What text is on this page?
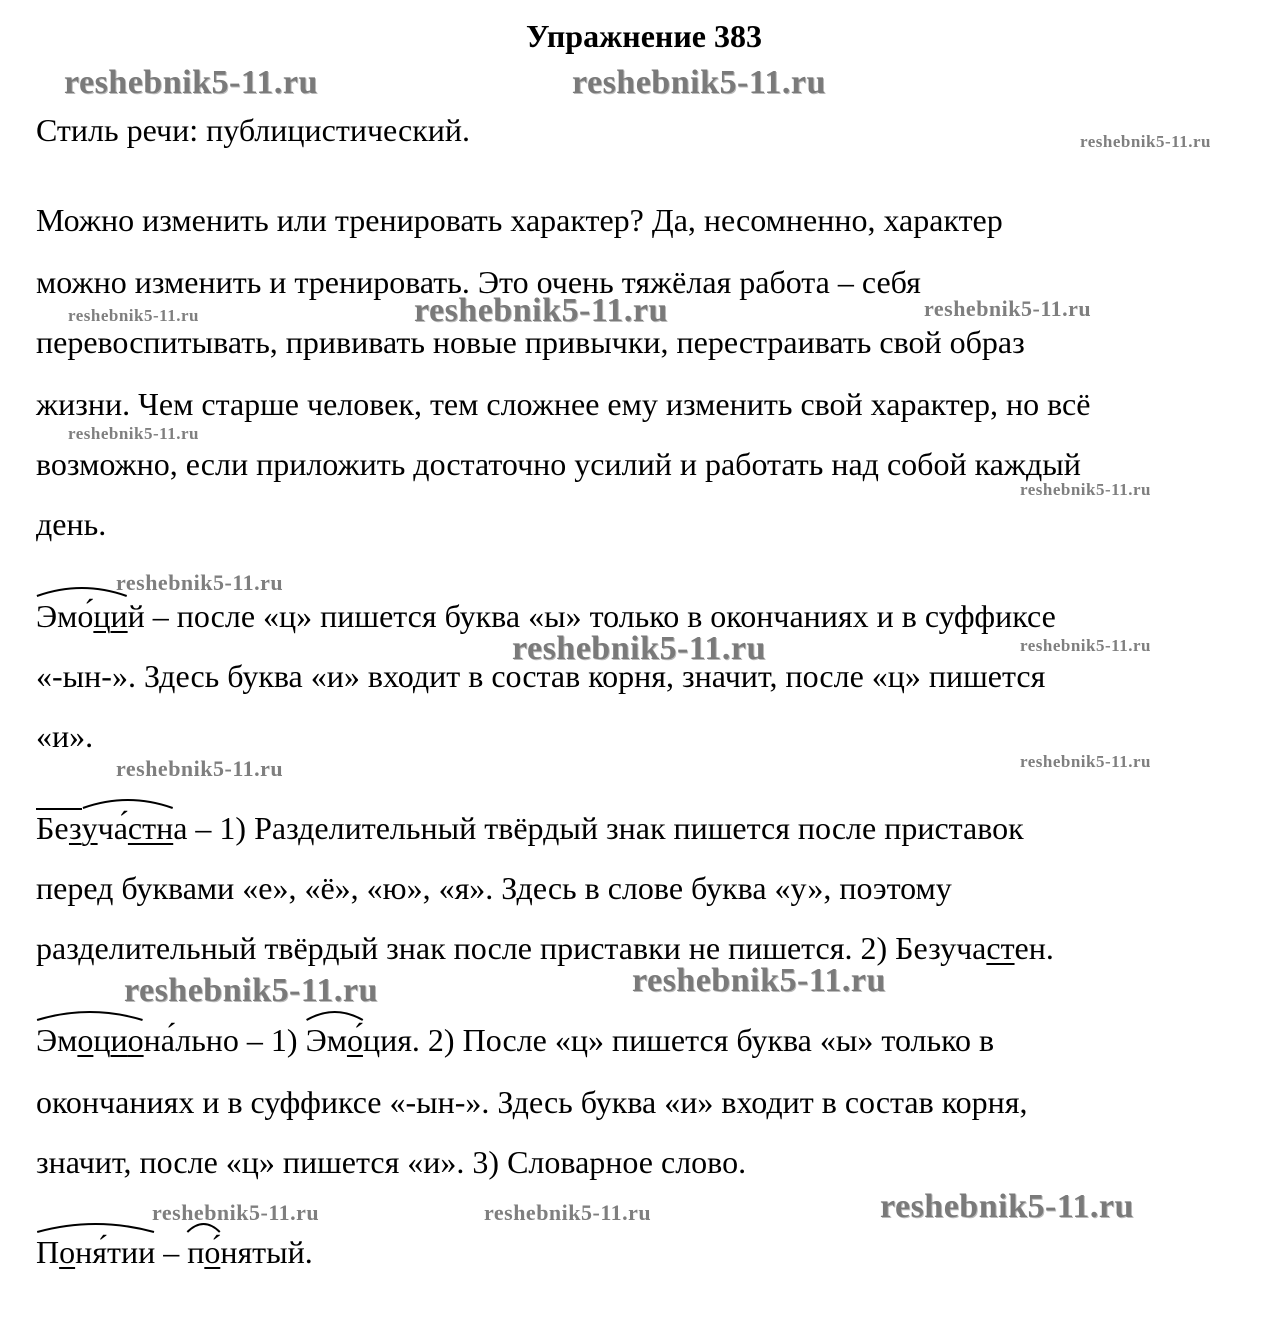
Упражнение 383
reshebnik5-11.ru	reshebnik5-11.ru
reshebnik5-11.ru
reshebnik5-11.ru	reshebnik5-11.ru	reshebnik5-11.ru
reshebnik5-11.ru
reshebnik5-11.ru
reshebnik5-11.ru
reshebnik5-11.ru	reshebnik5-11.ru
reshebnik5-11.ru	reshebnik5-11.ru
reshebnik5-11.ru	reshebnik5-11.ru
reshebnik5-11.ru	reshebnik5-11.ru	reshebnik5-11.ru
Стиль речи: публицистический.
Можно изменить или тренировать характер? Да, несомненно, характер
можно изменить и тренировать. Это очень тяжёлая работа – себя
перевоспитывать, прививать новые привычки, перестраивать свой образ
жизни. Чем старше человек, тем сложнее ему изменить свой характер, но всё
возможно, если приложить достаточно усилий и работать над собой каждый
день.
Эмо́ций – после «ц» пишется буква «ы» только в окончаниях и в суффиксе
«-ын-». Здесь буква «и» входит в состав корня, значит, после «ц» пишется
«и».
Без
уча́стна – 1) Разделительный твёрдый знак пишется после приставок
перед буквами «е», «ё», «ю», «я». Здесь в слове буква «у», поэтому
разделительный твёрдый знак после приставки не пишется. 2) Безучастен.
Эмоциона́льно – 1)
Эмо́ция. 2) После «ц» пишется буква «ы» только в
окончаниях и в суффиксе «-ын-». Здесь буква «и» входит в состав корня,
значит, после «ц» пишется «и». 3) Словарное слово.
Поня́тии –
по́нятый.
